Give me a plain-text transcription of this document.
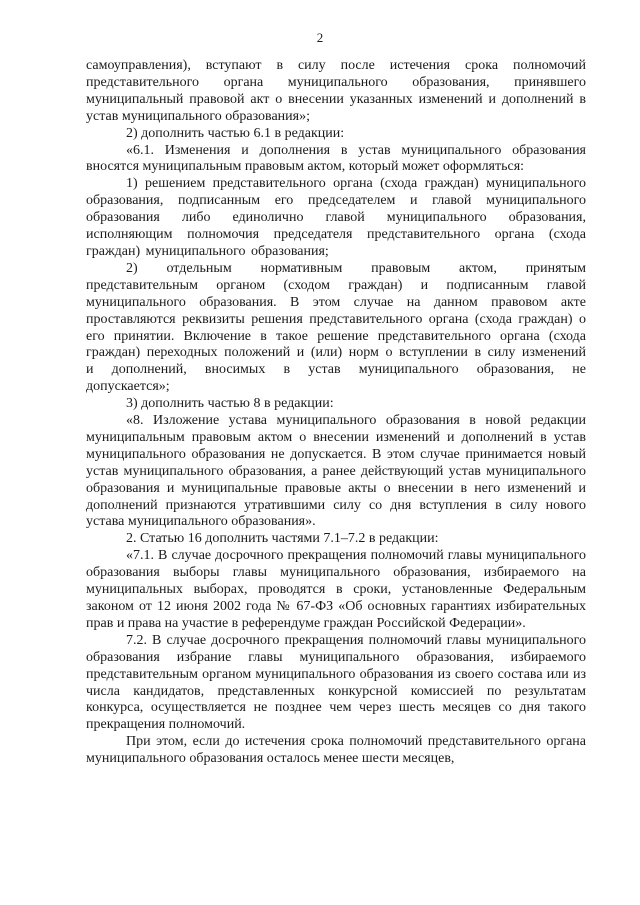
2

самоуправления), вступают в силу после истечения срока полномочий представительного органа муниципального образования, принявшего муниципальный правовой акт о внесении указанных изменений и дополнений в устав муниципального образования»;

2) дополнить частью 6.1 в редакции:

«6.1. Изменения и дополнения в устав муниципального образования вносятся муниципальным правовым актом, который может оформляться:

1) решением представительного органа (схода граждан) муниципального образования, подписанным его председателем и главой муниципального образования либо единолично главой муниципального образования, исполняющим полномочия председателя представительного органа (схода граждан) муниципального образования;

2) отдельным нормативным правовым актом, принятым представительным органом (сходом граждан) и подписанным главой муниципального образования. В этом случае на данном правовом акте проставляются реквизиты решения представительного органа (схода граждан) о его принятии. Включение в такое решение представительного органа (схода граждан) переходных положений и (или) норм о вступлении в силу изменений и дополнений, вносимых в устав муниципального образования, не допускается»;

3) дополнить частью 8 в редакции:

«8. Изложение устава муниципального образования в новой редакции муниципальным правовым актом о внесении изменений и дополнений в устав муниципального образования не допускается. В этом случае принимается новый устав муниципального образования, а ранее действующий устав муниципального образования и муниципальные правовые акты о внесении в него изменений и дополнений признаются утратившими силу со дня вступления в силу нового устава муниципального образования».

2. Статью 16 дополнить частями 7.1–7.2 в редакции:

«7.1. В случае досрочного прекращения полномочий главы муниципального образования выборы главы муниципального образования, избираемого на муниципальных выборах, проводятся в сроки, установленные Федеральным законом от 12 июня 2002 года № 67-ФЗ «Об основных гарантиях избирательных прав и права на участие в референдуме граждан Российской Федерации».

7.2. В случае досрочного прекращения полномочий главы муниципального образования избрание главы муниципального образования, избираемого представительным органом муниципального образования из своего состава или из числа кандидатов, представленных конкурсной комиссией по результатам конкурса, осуществляется не позднее чем через шесть месяцев со дня такого прекращения полномочий.

При этом, если до истечения срока полномочий представительного органа муниципального образования осталось менее шести месяцев,
